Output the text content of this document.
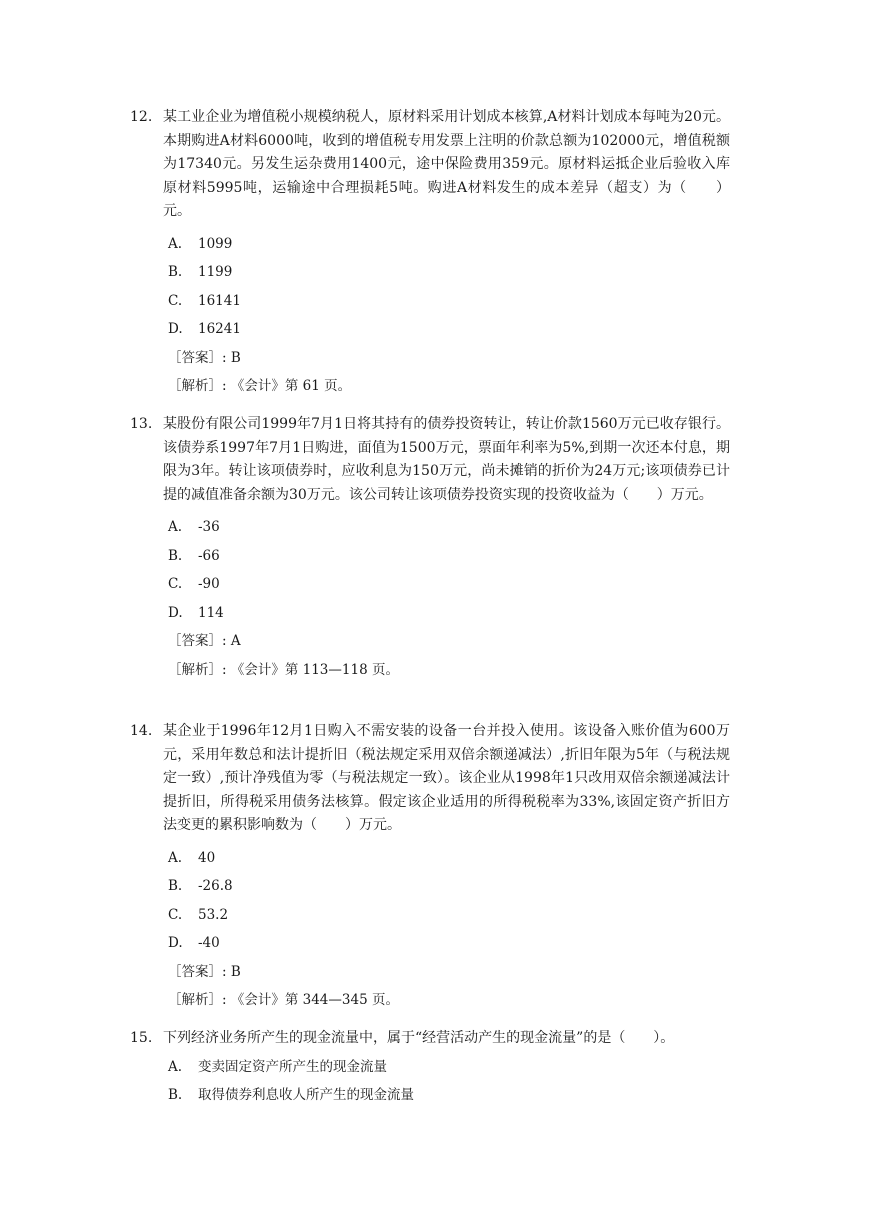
12. 某工业企业为增值税小规模纳税人，原材料采用计划成本核算,A材料计划成本每吨为20元。本期购进A材料6000吨，收到的增值税专用发票上注明的价款总额为102000元，增值税额为17340元。另发生运杂费用1400元，途中保险费用359元。原材料运抵企业后验收入库原材料5995吨，运输途中合理损耗5吨。购进A材料发生的成本差异（超支）为（　　）元。
A. 1099
B. 1199
C. 16141
D. 16241
［答案］: B
［解析］: 《会计》第 61 页。
13. 某股份有限公司1999年7月1日将其持有的债券投资转让，转让价款1560万元已收存银行。该债券系1997年7月1日购进，面值为1500万元，票面年利率为5%,到期一次还本付息，期限为3年。转让该项债券时，应收利息为150万元，尚未摊销的折价为24万元;该项债券已计提的减值准备余额为30万元。该公司转让该项债券投资实现的投资收益为（　　）万元。
A. -36
B. -66
C. -90
D. 114
［答案］: A
［解析］: 《会计》第 113—118 页。
14. 某企业于1996年12月1日购入不需安装的设备一台并投入使用。该设备入账价值为600万元，采用年数总和法计提折旧（税法规定采用双倍余额递减法）,折旧年限为5年（与税法规定一致）,预计净残值为零（与税法规定一致）。该企业从1998年1只改用双倍余额递减法计提折旧，所得税采用债务法核算。假定该企业适用的所得税税率为33%,该固定资产折旧方法变更的累积影响数为（　　）万元。
A. 40
B. -26.8
C. 53.2
D. -40
［答案］: B
［解析］: 《会计》第 344—345 页。
15. 下列经济业务所产生的现金流量中，属于“经营活动产生的现金流量”的是（　　）。
A. 变卖固定资产所产生的现金流量
B. 取得债券利息收人所产生的现金流量
